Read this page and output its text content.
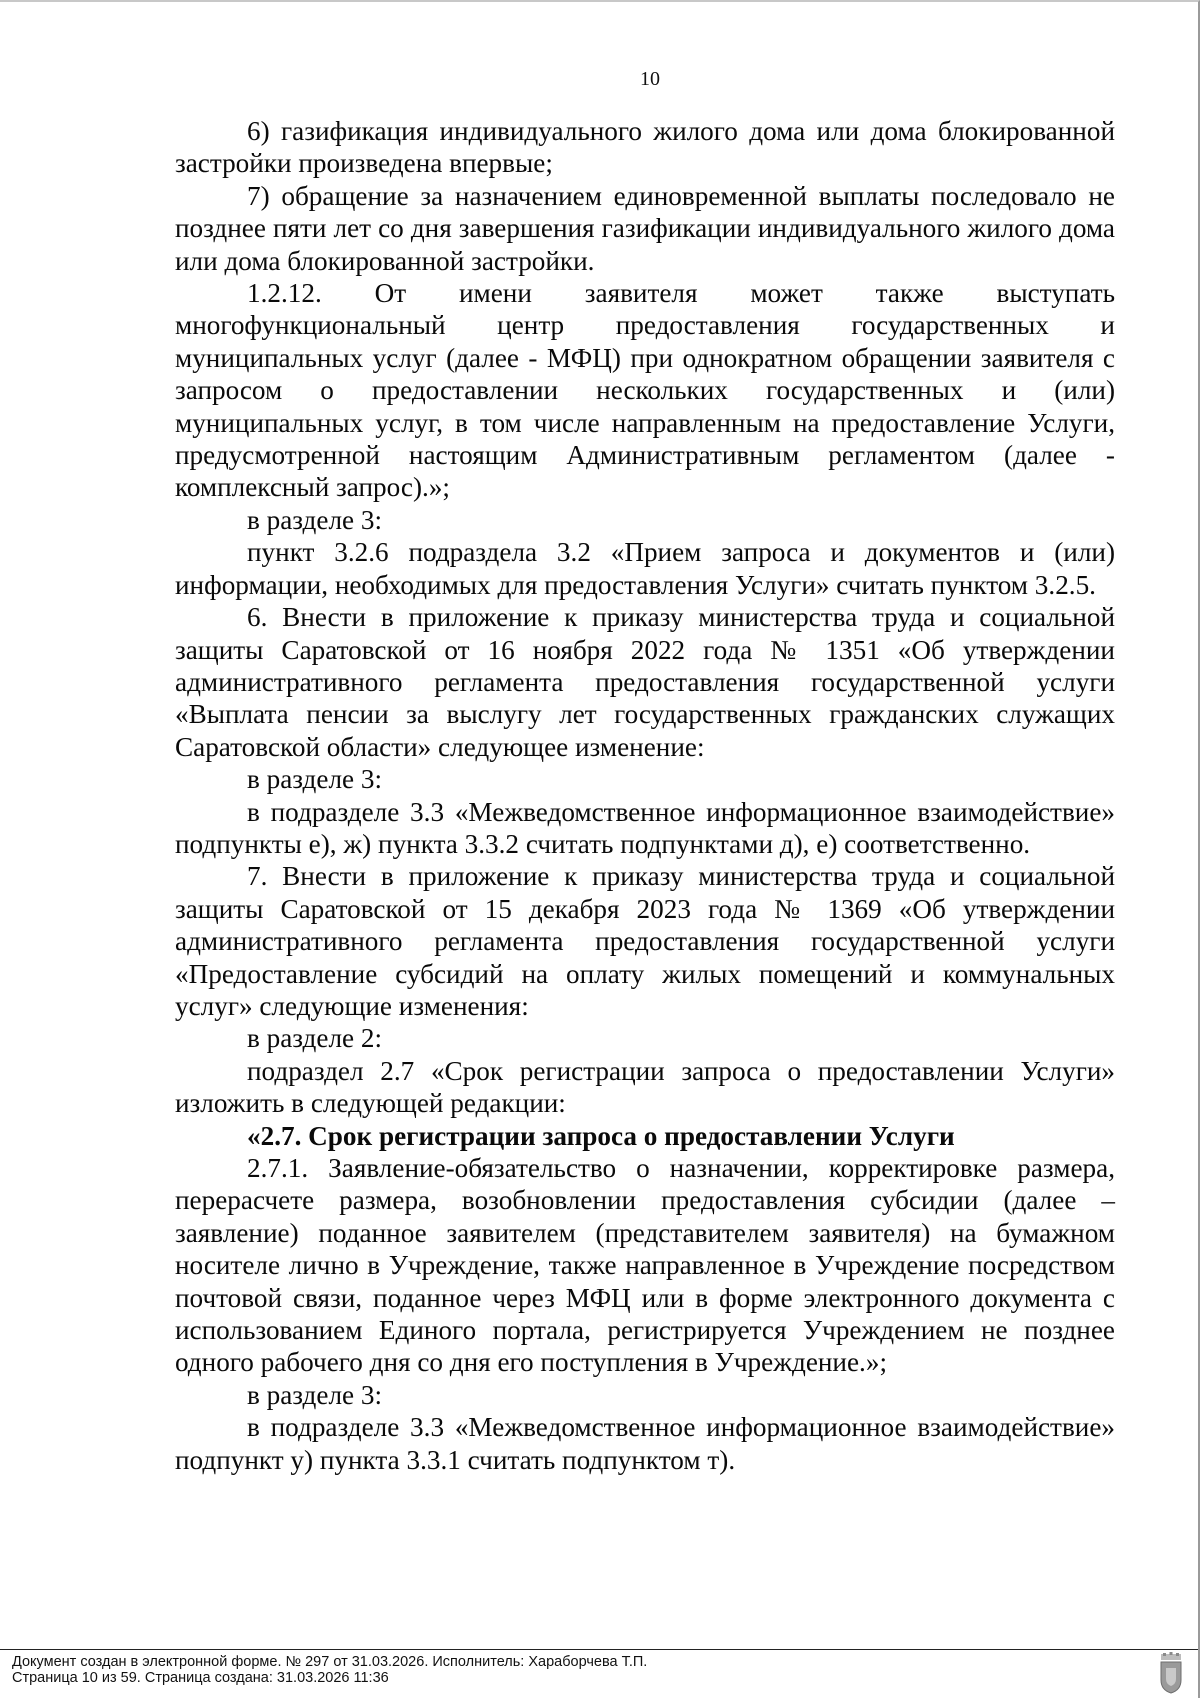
10

6) газификация индивидуального жилого дома или дома блокированной застройки произведена впервые;

7) обращение за назначением единовременной выплаты последовало не позднее пяти лет со дня завершения газификации индивидуального жилого дома или дома блокированной застройки.

1.2.12. От имени заявителя может также выступать многофункциональный центр предоставления государственных и муниципальных услуг (далее - МФЦ) при однократном обращении заявителя с запросом о предоставлении нескольких государственных и (или) муниципальных услуг, в том числе направленным на предоставление Услуги, предусмотренной настоящим Административным регламентом (далее - комплексный запрос).»;

в разделе 3:

пункт 3.2.6 подраздела 3.2 «Прием запроса и документов и (или) информации, необходимых для предоставления Услуги» считать пунктом 3.2.5.

6. Внести в приложение к приказу министерства труда и социальной защиты Саратовской от 16 ноября 2022 года № 1351 «Об утверждении административного регламента предоставления государственной услуги «Выплата пенсии за выслугу лет государственных гражданских служащих Саратовской области» следующее изменение:

в разделе 3:

в подразделе 3.3 «Межведомственное информационное взаимодействие» подпункты е), ж) пункта 3.3.2 считать подпунктами д), е) соответственно.

7. Внести в приложение к приказу министерства труда и социальной защиты Саратовской от 15 декабря 2023 года № 1369 «Об утверждении административного регламента предоставления государственной услуги «Предоставление субсидий на оплату жилых помещений и коммунальных услуг» следующие изменения:

в разделе 2:

подраздел 2.7 «Срок регистрации запроса о предоставлении Услуги» изложить в следующей редакции:

«2.7. Срок регистрации запроса о предоставлении Услуги

2.7.1. Заявление-обязательство о назначении, корректировке размера, перерасчете размера, возобновлении предоставления субсидии (далее – заявление) поданное заявителем (представителем заявителя) на бумажном носителе лично в Учреждение, также направленное в Учреждение посредством почтовой связи, поданное через МФЦ или в форме электронного документа с использованием Единого портала, регистрируется Учреждением не позднее одного рабочего дня со дня его поступления в Учреждение.»;

в разделе 3:

в подразделе 3.3 «Межведомственное информационное взаимодействие» подпункт у) пункта 3.3.1 считать подпунктом т).

Документ создан в электронной форме. № 297 от 31.03.2026. Исполнитель: Хараборчева Т.П.
Страница 10 из 59. Страница создана: 31.03.2026 11:36
